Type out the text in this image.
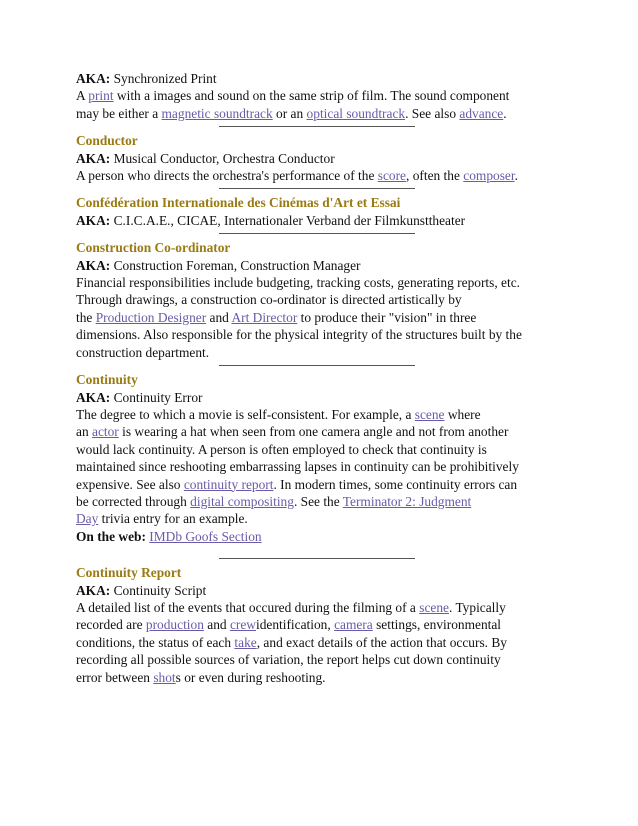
AKA: Synchronized Print
A print with a images and sound on the same strip of film. The sound component
may be either a magnetic soundtrack or an optical soundtrack. See also advance.
Conductor
AKA: Musical Conductor, Orchestra Conductor
A person who directs the orchestra's performance of the score, often the composer.
Confédération Internationale des Cinémas d'Art et Essai
AKA: C.I.C.A.E., CICAE, Internationaler Verband der Filmkunsttheater
Construction Co-ordinator
AKA: Construction Foreman, Construction Manager
Financial responsibilities include budgeting, tracking costs, generating reports, etc.
Through drawings, a construction co-ordinator is directed artistically by
the Production Designer and Art Director to produce their "vision" in three
dimensions. Also responsible for the physical integrity of the structures built by the
construction department.
Continuity
AKA: Continuity Error
The degree to which a movie is self-consistent. For example, a scene where
an actor is wearing a hat when seen from one camera angle and not from another
would lack continuity. A person is often employed to check that continuity is
maintained since reshooting embarrassing lapses in continuity can be prohibitively
expensive. See also continuity report. In modern times, some continuity errors can
be corrected through digital compositing. See the Terminator 2: Judgment
Day trivia entry for an example.
On the web: IMDb Goofs Section
Continuity Report
AKA: Continuity Script
A detailed list of the events that occured during the filming of a scene. Typically
recorded are production and crewidentification, camera settings, environmental
conditions, the status of each take, and exact details of the action that occurs. By
recording all possible sources of variation, the report helps cut down continuity
error between shots or even during reshooting.
